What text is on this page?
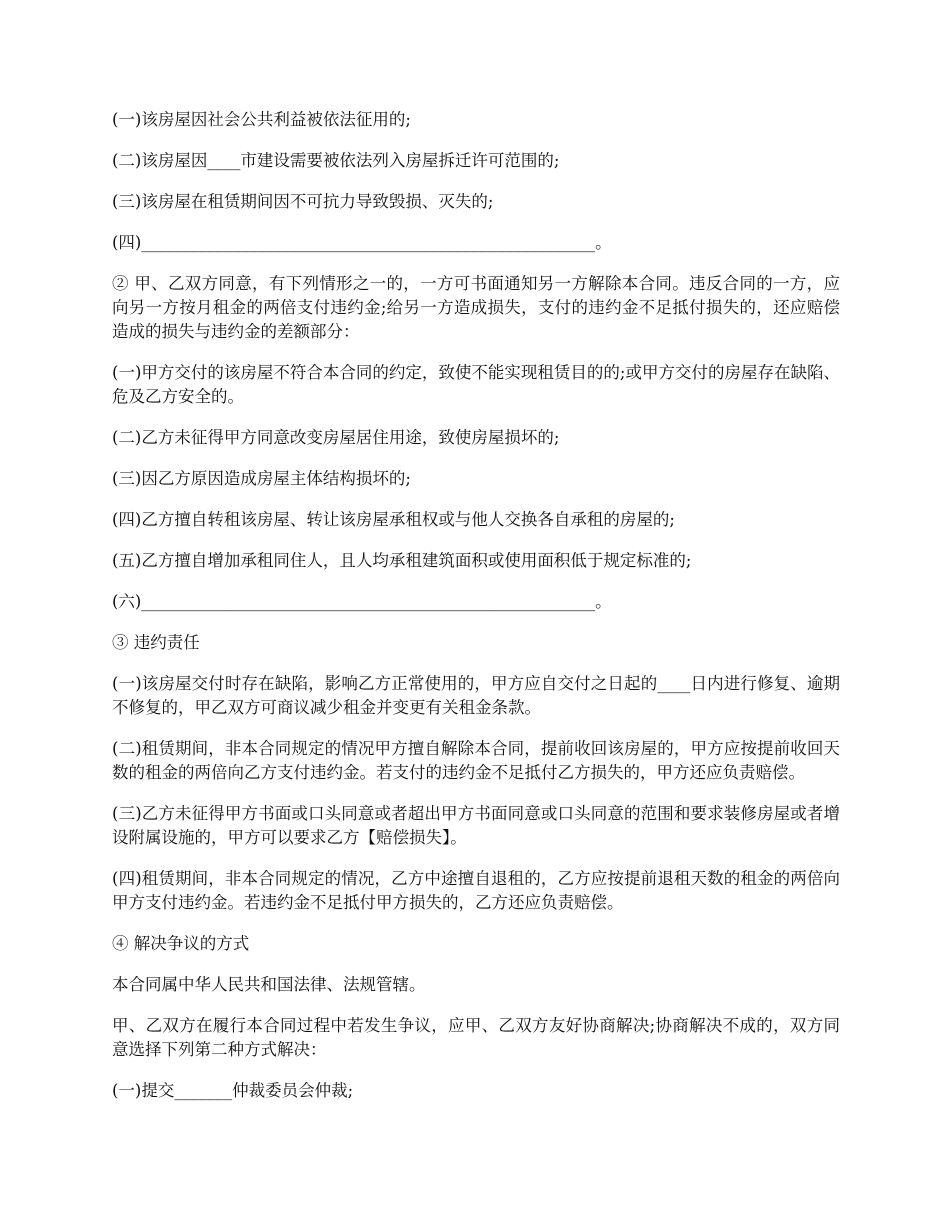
(一)该房屋因社会公共利益被依法征用的;

(二)该房屋因____市建设需要被依法列入房屋拆迁许可范围的;

(三)该房屋在租赁期间因不可抗力导致毁损、灭失的;

(四)_______________________________________________________。

② 甲、乙双方同意，有下列情形之一的，一方可书面通知另一方解除本合同。违反合同的一方，应向另一方按月租金的两倍支付违约金;给另一方造成损失，支付的违约金不足抵付损失的，还应赔偿造成的损失与违约金的差额部分：

(一)甲方交付的该房屋不符合本合同的约定，致使不能实现租赁目的的;或甲方交付的房屋存在缺陷、危及乙方安全的。

(二)乙方未征得甲方同意改变房屋居住用途，致使房屋损坏的;

(三)因乙方原因造成房屋主体结构损坏的;

(四)乙方擅自转租该房屋、转让该房屋承租权或与他人交换各自承租的房屋的;

(五)乙方擅自增加承租同住人，且人均承租建筑面积或使用面积低于规定标准的;

(六)_______________________________________________________。

③ 违约责任

(一)该房屋交付时存在缺陷，影响乙方正常使用的，甲方应自交付之日起的____日内进行修复、逾期不修复的，甲乙双方可商议减少租金并变更有关租金条款。

(二)租赁期间，非本合同规定的情况甲方擅自解除本合同，提前收回该房屋的，甲方应按提前收回天数的租金的两倍向乙方支付违约金。若支付的违约金不足抵付乙方损失的，甲方还应负责赔偿。

(三)乙方未征得甲方书面或口头同意或者超出甲方书面同意或口头同意的范围和要求装修房屋或者增设附属设施的，甲方可以要求乙方【赔偿损失】。

(四)租赁期间，非本合同规定的情况，乙方中途擅自退租的，乙方应按提前退租天数的租金的两倍向甲方支付违约金。若违约金不足抵付甲方损失的，乙方还应负责赔偿。

④ 解决争议的方式

本合同属中华人民共和国法律、法规管辖。

甲、乙双方在履行本合同过程中若发生争议，应甲、乙双方友好协商解决;协商解决不成的，双方同意选择下列第二种方式解决：

(一)提交_______仲裁委员会仲裁;
